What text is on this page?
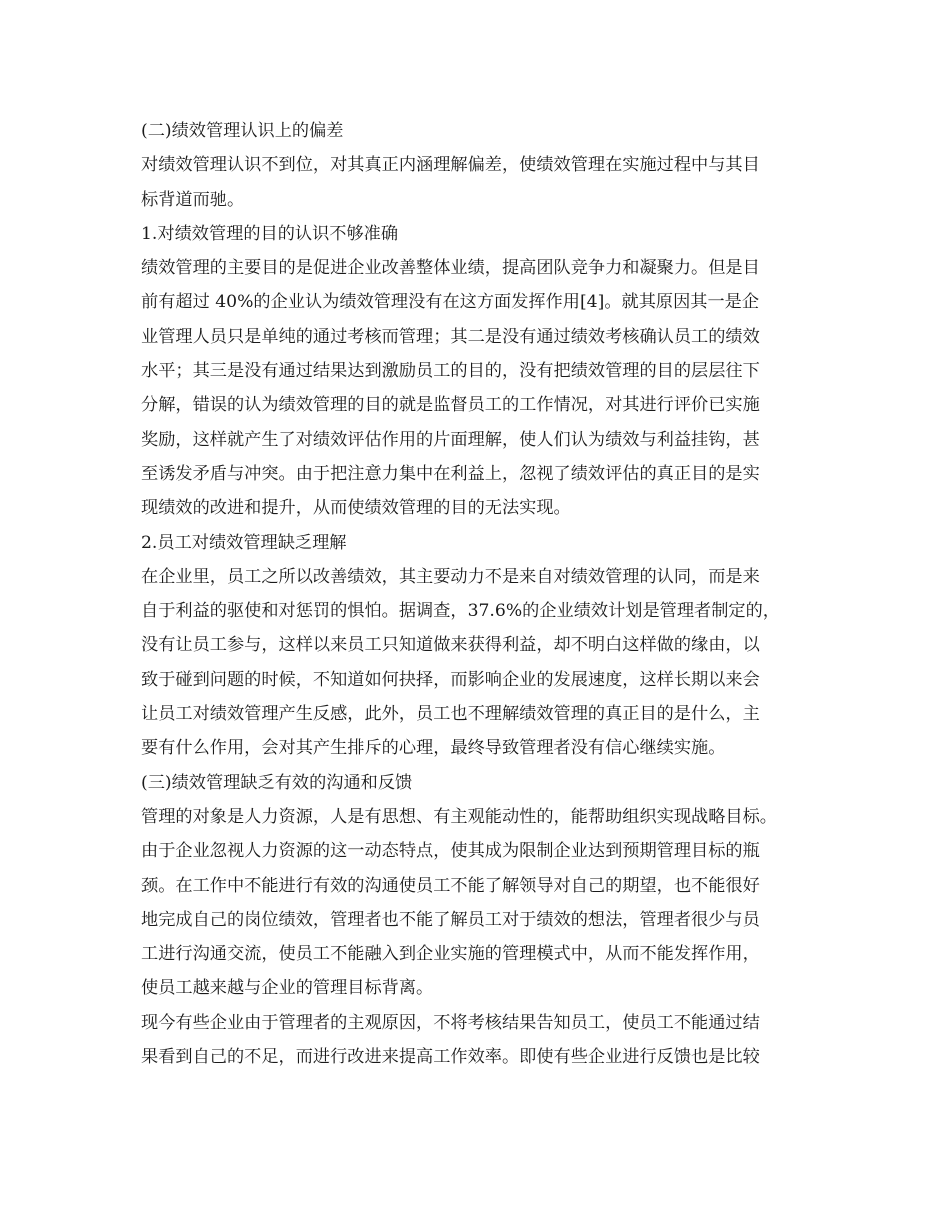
(二)绩效管理认识上的偏差
对绩效管理认识不到位，对其真正内涵理解偏差，使绩效管理在实施过程中与其目
标背道而驰。
1.对绩效管理的目的认识不够准确
绩效管理的主要目的是促进企业改善整体业绩，提高团队竞争力和凝聚力。但是目
前有超过 40%的企业认为绩效管理没有在这方面发挥作用[4]。就其原因其一是企
业管理人员只是单纯的通过考核而管理；其二是没有通过绩效考核确认员工的绩效
水平；其三是没有通过结果达到激励员工的目的，没有把绩效管理的目的层层往下
分解，错误的认为绩效管理的目的就是监督员工的工作情况，对其进行评价已实施
奖励，这样就产生了对绩效评估作用的片面理解，使人们认为绩效与利益挂钩，甚
至诱发矛盾与冲突。由于把注意力集中在利益上，忽视了绩效评估的真正目的是实
现绩效的改进和提升，从而使绩效管理的目的无法实现。
2.员工对绩效管理缺乏理解
在企业里，员工之所以改善绩效，其主要动力不是来自对绩效管理的认同，而是来
自于利益的驱使和对惩罚的惧怕。据调查，37.6%的企业绩效计划是管理者制定的，
没有让员工参与，这样以来员工只知道做来获得利益，却不明白这样做的缘由，以
致于碰到问题的时候，不知道如何抉择，而影响企业的发展速度，这样长期以来会
让员工对绩效管理产生反感，此外，员工也不理解绩效管理的真正目的是什么，主
要有什么作用，会对其产生排斥的心理，最终导致管理者没有信心继续实施。
(三)绩效管理缺乏有效的沟通和反馈
管理的对象是人力资源，人是有思想、有主观能动性的，能帮助组织实现战略目标。
由于企业忽视人力资源的这一动态特点，使其成为限制企业达到预期管理目标的瓶
颈。在工作中不能进行有效的沟通使员工不能了解领导对自己的期望，也不能很好
地完成自己的岗位绩效，管理者也不能了解员工对于绩效的想法，管理者很少与员
工进行沟通交流，使员工不能融入到企业实施的管理模式中，从而不能发挥作用，
使员工越来越与企业的管理目标背离。
现今有些企业由于管理者的主观原因，不将考核结果告知员工，使员工不能通过结
果看到自己的不足，而进行改进来提高工作效率。即使有些企业进行反馈也是比较
